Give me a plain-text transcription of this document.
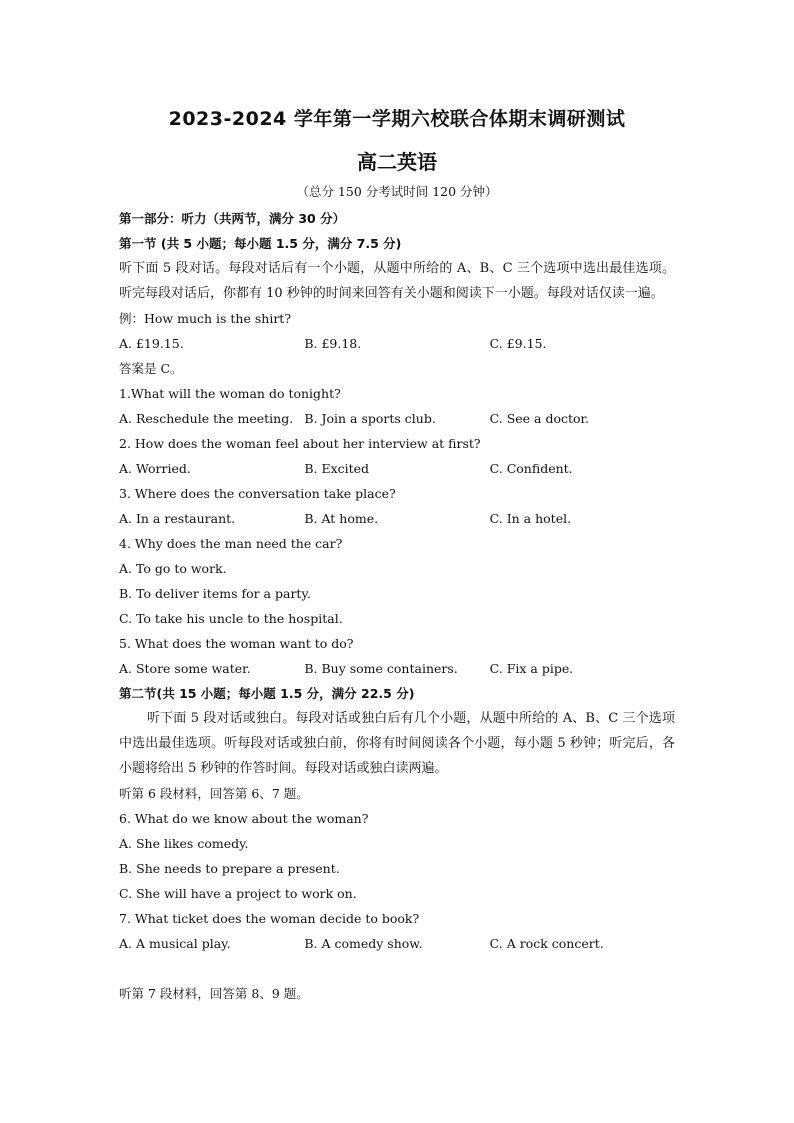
2023-2024 学年第一学期六校联合体期末调研测试
高二英语
（总分 150 分考试时间 120 分钟）
第一部分：听力（共两节，满分 30 分）
第一节 (共 5 小题；每小题 1.5 分，满分 7.5 分)
听下面 5 段对话。每段对话后有一个小题，从题中所给的 A、B、C 三个选项中选出最佳选项。听完每段对话后，你都有 10 秒钟的时间来回答有关小题和阅读下一小题。每段对话仅读一遍。
例：How much is the shirt?
A. £19.15.	B. £9.18.	C. £9.15.
答案是 C。
1.What will the woman do tonight?
A. Reschedule the meeting. B. Join a sports club.	C. See a doctor.
2. How does the woman feel about her interview at first?
A. Worried.	B. Excited	C. Confident.
3. Where does the conversation take place?
A. In a restaurant.	B. At home.	C. In a hotel.
4. Why does the man need the car?
A. To go to work.
B. To deliver items for a party.
C. To take his uncle to the hospital.
5. What does the woman want to do?
A. Store some water.	B. Buy some containers.	C. Fix a pipe.
第二节(共 15 小题；每小题 1.5 分，满分 22.5 分)
听下面 5 段对话或独白。每段对话或独白后有几个小题，从题中所给的 A、B、C 三个选项中选出最佳选项。听每段对话或独白前，你将有时间阅读各个小题，每小题 5 秒钟；听完后，各小题将给出 5 秒钟的作答时间。每段对话或独白读两遍。
听第 6 段材料，回答第 6、7 题。
6. What do we know about the woman?
A. She likes comedy.
B. She needs to prepare a present.
C. She will have a project to work on.
7. What ticket does the woman decide to book?
A. A musical play.	B. A comedy show.	C. A rock concert.
听第 7 段材料，回答第 8、9 题。
